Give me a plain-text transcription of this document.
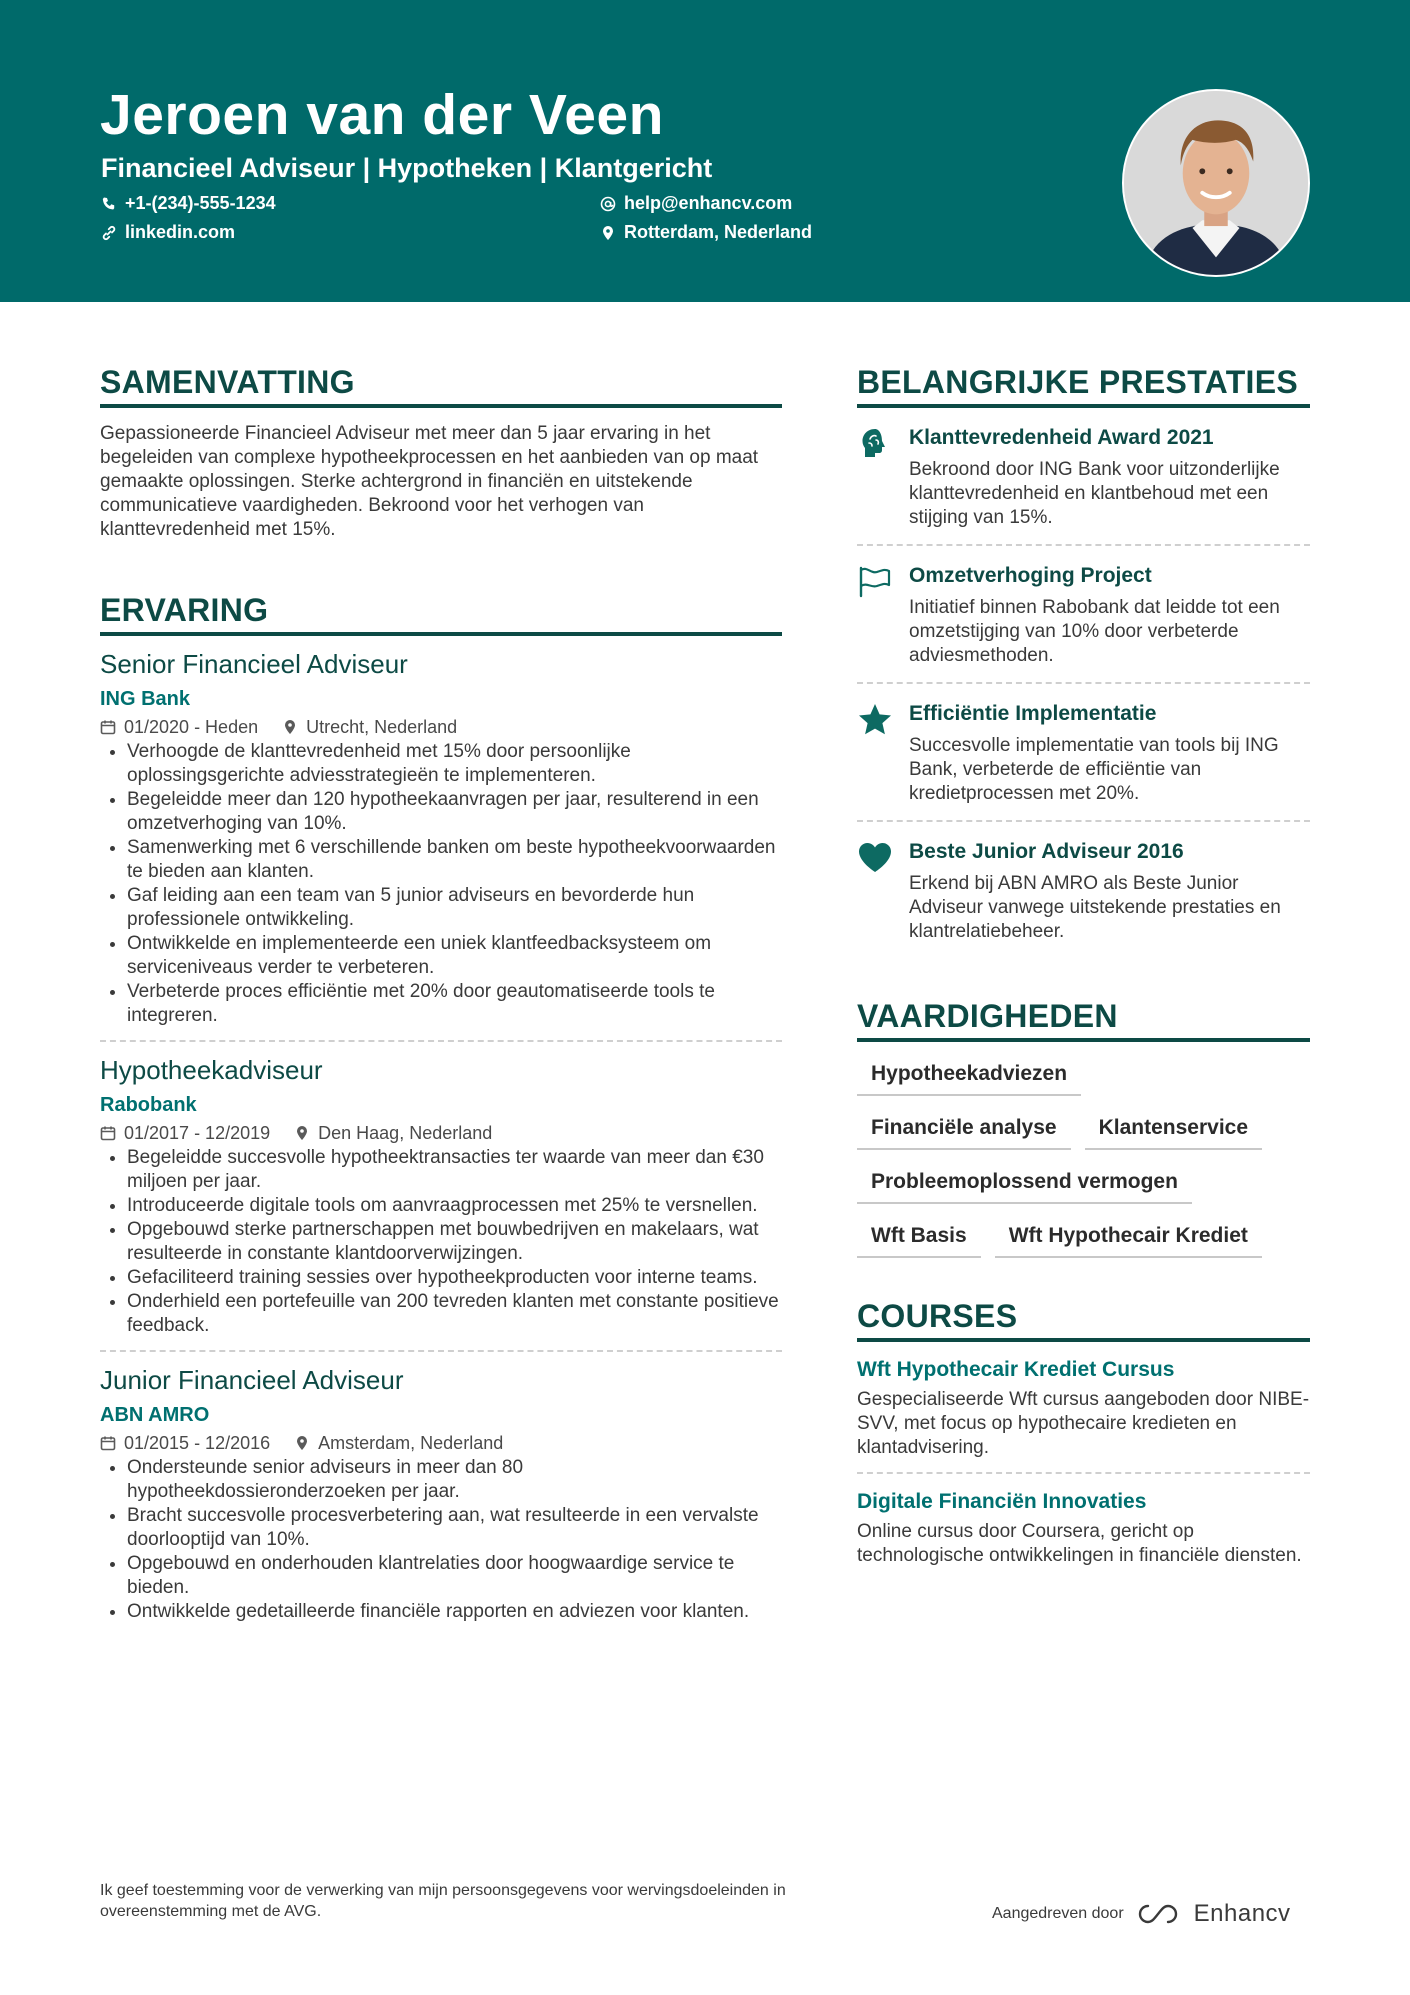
Jeroen van der Veen
Financieel Adviseur | Hypotheken | Klantgericht
+1-(234)-555-1234	help@enhancv.com
linkedin.com	Rotterdam, Nederland
SAMENVATTING
Gepassioneerde Financieel Adviseur met meer dan 5 jaar ervaring in het begeleiden van complexe hypotheekprocessen en het aanbieden van op maat gemaakte oplossingen. Sterke achtergrond in financiën en uitstekende communicatieve vaardigheden. Bekroond voor het verhogen van klanttevredenheid met 15%.
ERVARING
Senior Financieel Adviseur
ING Bank
01/2020 - Heden	Utrecht, Nederland
• Verhoogde de klanttevredenheid met 15% door persoonlijke oplossingsgerichte adviesstrategieën te implementeren.
• Begeleidde meer dan 120 hypotheekaanvragen per jaar, resulterend in een omzetverhoging van 10%.
• Samenwerking met 6 verschillende banken om beste hypotheekvoorwaarden te bieden aan klanten.
• Gaf leiding aan een team van 5 junior adviseurs en bevorderde hun professionele ontwikkeling.
• Ontwikkelde en implementeerde een uniek klantfeedbacksysteem om serviceniveaus verder te verbeteren.
• Verbeterde proces efficiëntie met 20% door geautomatiseerde tools te integreren.
Hypotheekadviseur
Rabobank
01/2017 - 12/2019	Den Haag, Nederland
• Begeleidde succesvolle hypotheektransacties ter waarde van meer dan €30 miljoen per jaar.
• Introduceerde digitale tools om aanvraagprocessen met 25% te versnellen.
• Opgebouwd sterke partnerschappen met bouwbedrijven en makelaars, wat resulteerde in constante klantdoorverwijzingen.
• Gefaciliteerd training sessies over hypotheekproducten voor interne teams.
• Onderhield een portefeuille van 200 tevreden klanten met constante positieve feedback.
Junior Financieel Adviseur
ABN AMRO
01/2015 - 12/2016	Amsterdam, Nederland
• Ondersteunde senior adviseurs in meer dan 80 hypotheekdossieronderzoeken per jaar.
• Bracht succesvolle procesverbetering aan, wat resulteerde in een vervalste doorlooptijd van 10%.
• Opgebouwd en onderhouden klantrelaties door hoogwaardige service te bieden.
• Ontwikkelde gedetailleerde financiële rapporten en adviezen voor klanten.
BELANGRIJKE PRESTATIES
Klanttevredenheid Award 2021
Bekroond door ING Bank voor uitzonderlijke klanttevredenheid en klantbehoud met een stijging van 15%.
Omzetverhoging Project
Initiatief binnen Rabobank dat leidde tot een omzetstijging van 10% door verbeterde adviesmethoden.
Efficiëntie Implementatie
Succesvolle implementatie van tools bij ING Bank, verbeterde de efficiëntie van kredietprocessen met 20%.
Beste Junior Adviseur 2016
Erkend bij ABN AMRO als Beste Junior Adviseur vanwege uitstekende prestaties en klantrelatiebeheer.
VAARDIGHEDEN
Hypotheekadviezen
Financiële analyse	Klantenservice
Probleemoplossend vermogen
Wft Basis	Wft Hypothecair Krediet
COURSES
Wft Hypothecair Krediet Cursus
Gespecialiseerde Wft cursus aangeboden door NIBE-SVV, met focus op hypothecaire kredieten en klantadvisering.
Digitale Financiën Innovaties
Online cursus door Coursera, gericht op technologische ontwikkelingen in financiële diensten.
Ik geef toestemming voor de verwerking van mijn persoonsgegevens voor wervingsdoeleinden in overeenstemming met de AVG.	Aangedreven door	Enhancv
